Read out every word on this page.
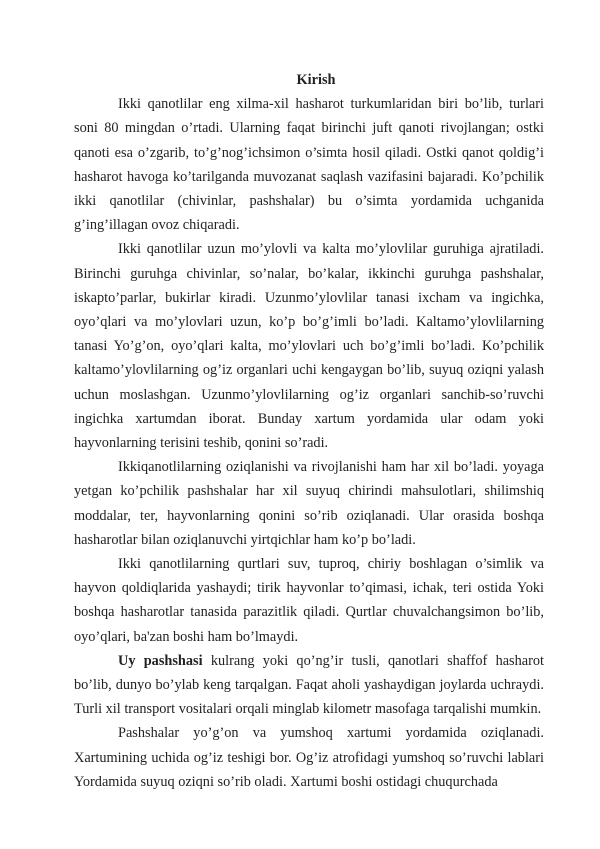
Kirish

Ikki qanotlilar eng xilma-xil hasharot turkumlaridan biri bo’lib, turlari soni 80 mingdan o’rtadi. Ularning faqat birinchi juft qanoti rivojlangan; ostki qanoti esa o’zgarib, to’g’nog’ichsimon o’simta hosil qiladi. Ostki qanot qoldig’i hasharot havoga ko’tarilganda muvozanat saqlash vazifasini bajaradi. Ko’pchilik ikki qanotlilar (chivinlar, pashshalar) bu o’simta yordamida uchganida g’ing’illagan ovoz chiqaradi.

Ikki qanotlilar uzun mo’ylovli va kalta mo’ylovlilar guruhiga ajratiladi. Birinchi guruhga chivinlar, so’nalar, bo’kalar, ikkinchi guruhga pashshalar, iskapto’parlar, bukirlar kiradi. Uzunmo’ylovlilar tanasi ixcham va ingichka, oyo’qlari va mo’ylovlari uzun, ko’p bo’g’imli bo’ladi. Kaltamo’ylovlilarning tanasi Yo’g’on, oyo’qlari kalta, mo’ylovlari uch bo’g’imli bo’ladi. Ko’pchilik kaltamo’ylovlilarning og’iz organlari uchi kengaygan bo’lib, suyuq oziqni yalash uchun moslashgan. Uzunmo’ylovlilarning og’iz organlari sanchib-so’ruvchi ingichka xartumdan iborat. Bunday xartum yordamida ular odam yoki hayvonlarning terisini teshib, qonini so’radi.

Ikkiqanotlilarning oziqlanishi va rivojlanishi ham har xil bo’ladi. yoyaga yetgan ko’pchilik pashshalar har xil suyuq chirindi mahsulotlari, shilimshiq moddalar, ter, hayvonlarning qonini so’rib oziqlanadi. Ular orasida boshqa hasharotlar bilan oziqlanuvchi yirtqichlar ham ko’p bo’ladi.

Ikki qanotlilarning qurtlari suv, tuproq, chiriy boshlagan o’simlik va hayvon qoldiqlarida yashaydi; tirik hayvonlar to’qimasi, ichak, teri ostida Yoki boshqa hasharotlar tanasida parazitlik qiladi. Qurtlar chuvalchangsimon bo’lib, oyo’qlari, ba'zan boshi ham bo’lmaydi.

Uy pashshasi kulrang yoki qo’ng’ir tusli, qanotlari shaffof hasharot bo’lib, dunyo bo’ylab keng tarqalgan. Faqat aholi yashaydigan joylarda uchraydi. Turli xil transport vositalari orqali minglab kilometr masofaga tarqalishi mumkin.

Pashshalar yo’g’on va yumshoq xartumi yordamida oziqlanadi. Xartumining uchida og’iz teshigi bor. Og’iz atrofidagi yumshoq so’ruvchi lablari Yordamida suyuq oziqni so’rib oladi. Xartumi boshi ostidagi chuqurchada
